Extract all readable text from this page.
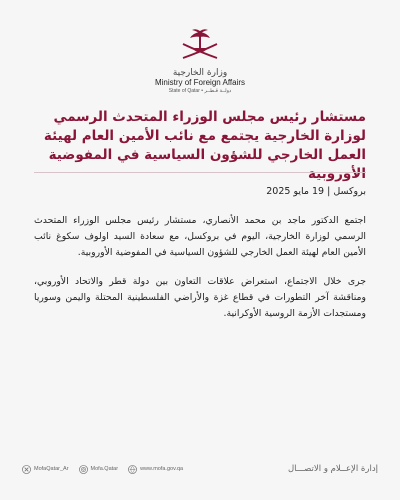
وزارة الخارجية
Ministry of Foreign Affairs
State of Qatar • دولــة قـطــر
مستشار رئيس مجلس الوزراء المتحدث الرسمي لوزارة الخارجية يجتمع مع نائب الأمين العام لهيئة العمل الخارجي للشؤون السياسية في المفوضية الأوروبية

بروكسل | 19 مايو 2025

اجتمع الدكتور ماجد بن محمد الأنصاري، مستشار رئيس مجلس الوزراء المتحدث الرسمي لوزارة الخارجية، اليوم في بروكسل، مع سعادة السيد اولوف سكوغ نائب الأمين العام لهيئة العمل الخارجي للشؤون السياسية في المفوضية الأوروبية.

جرى خلال الاجتماع، استعراض علاقات التعاون بين دولة قطر والاتحاد الأوروبي، ومناقشة آخر التطورات في قطاع غزة والأراضي الفلسطينية المحتلة واليمن وسوريا ومستجدات الأزمة الروسية الأوكرانية.

MofaQatar_Ar	Mofa.Qatar	www.mofa.gov.qa	إدارة الإعــلام و الاتصـــال
